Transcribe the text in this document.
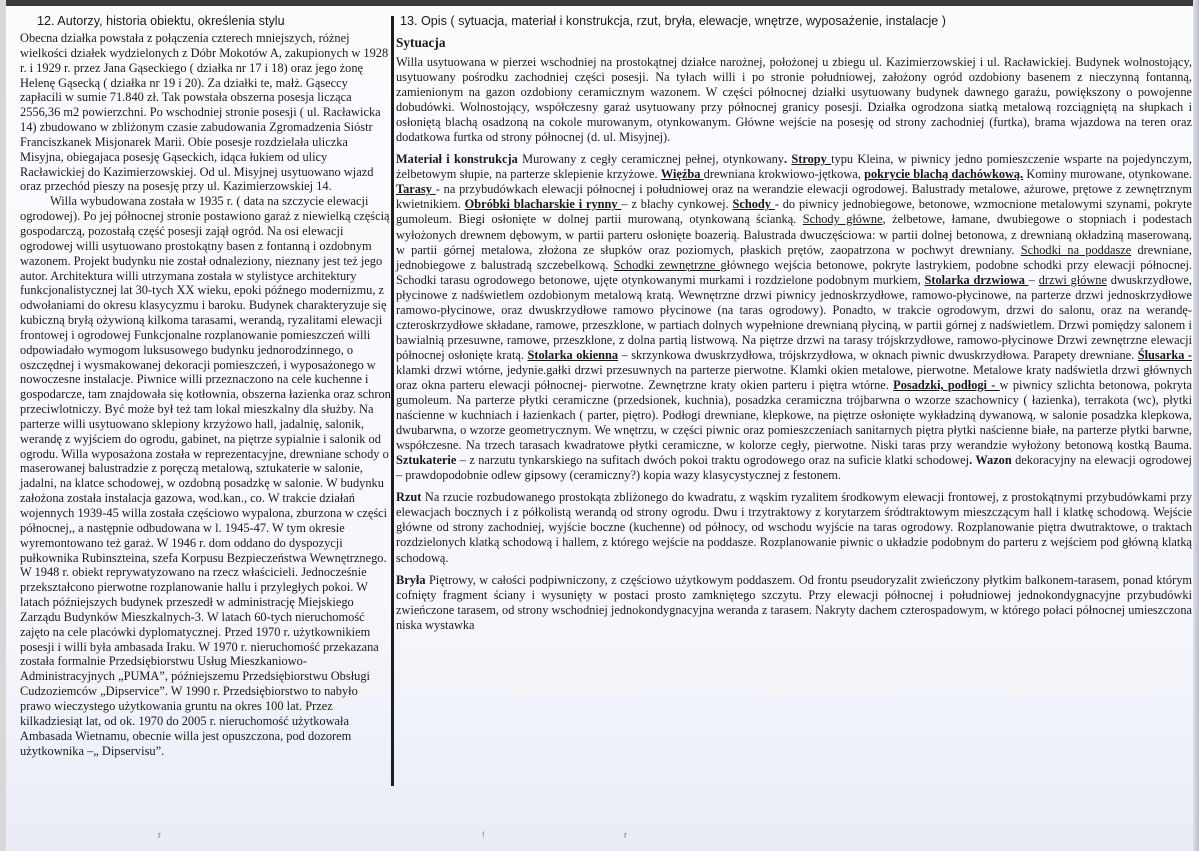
12. Autorzy, historia obiektu, określenia stylu

Obecna działka powstała z połączenia czterech mniejszych, różnej wielkości działek wydzielonych z Dóbr Mokotów A, zakupionych w 1928 r. i 1929 r. przez Jana Gąseckiego ( działka nr 17 i 18) oraz jego żonę Helenę Gąsecką ( działka nr 19 i 20). Za działki te, małż. Gąseccy zapłacili w sumie 71.840 zł. Tak powstała obszerna posesja licząca 2556,36 m2 powierzchni. Po wschodniej stronie posesji ( ul. Racławicka 14) zbudowano w zbliżonym czasie zabudowania Zgromadzenia Sióstr Franciszkanek Misjonarek Marii. Obie posesje rozdzielała uliczka Misyjna, obiegajaca posesję Gąseckich, idąca łukiem od ulicy Racławickiej do Kazimierzowskiej. Od ul. Misyjnej usytuowano wjazd oraz przechód pieszy na posesję przy ul. Kazimierzowskiej 14.

Willa wybudowana została w 1935 r. ( data na szczycie elewacji ogrodowej). Po jej północnej stronie postawiono garaż z niewielką częścią gospodarczą, pozostałą część posesji zajął ogród. Na osi elewacji ogrodowej willi usytuowano prostokątny basen z fontanną i ozdobnym wazonem. Projekt budynku nie został odnaleziony, nieznany jest też jego autor. Architektura willi utrzymana została w stylistyce architektury funkcjonalistycznej lat 30-tych XX wieku, epoki późnego modernizmu, z odwołaniami do okresu klasycyzmu i baroku. Budynek charakteryzuje się kubiczną bryłą ożywioną kilkoma tarasami, werandą, ryzalitami elewacji frontowej i ogrodowej Funkcjonalne rozplanowanie pomieszczeń willi odpowiadało wymogom luksusowego budynku jednorodzinnego, o oszczędnej i wysmakowanej dekoracji pomieszczeń, i wyposażonego w nowoczesne instalacje. Piwnice willi przeznaczono na cele kuchenne i gospodarcze, tam znajdowała się kotłownia, obszerna łazienka oraz schron przeciwlotniczy. Być może był też tam lokal mieszkalny dla służby. Na parterze willi usytuowano sklepiony krzyżowo hall, jadalnię, salonik, werandę z wyjściem do ogrodu, gabinet, na piętrze sypialnie i salonik od ogrodu. Willa wyposażona została w reprezentacyjne, drewniane schody o maserowanej balustradzie z poręczą metalową, sztukaterie w salonie, jadalni, na klatce schodowej, w ozdobną posadzkę w salonie. W budynku założona została instalacja gazowa, wod.kan., co. W trakcie działań wojennych 1939-45 willa została częściowo wypalona, zburzona w części północnej,, a następnie odbudowana w l. 1945-47. W tym okresie wyremontowano też garaż. W 1946 r. dom oddano do dyspozycji pułkownika Rubinszteina, szefa Korpusu Bezpieczeństwa Wewnętrznego. W 1948 r. obiekt reprywatyzowano na rzecz właścicieli. Jednocześnie przekształcono pierwotne rozplanowanie hallu i przyległych pokoi. W latach późniejszych budynek przeszedł w administrację Miejskiego Zarządu Budynków Mieszkalnych-3. W latach 60-tych nieruchomość zajęto na cele placówki dyplomatycznej. Przed 1970 r. użytkownikiem posesji i willi była ambasada Iraku. W 1970 r. nieruchomość przekazana została formalnie Przedsiębiorstwu Usług Mieszkaniowo-Administracyjnych „PUMA”, późniejszemu Przedsiębiorstwu Obsługi Cudzoziemców „Dipservice”. W 1990 r. Przedsiębiorstwo to nabyło prawo wieczystego użytkowania gruntu na okres 100 lat. Przez kilkadziesiąt lat, od ok. 1970 do 2005 r. nieruchomość użytkowała Ambasada Wietnamu, obecnie willa jest opuszczona, pod dozorem użytkownika –„ Dipservisu”.

13. Opis ( sytuacja, materiał i konstrukcja, rzut, bryła, elewacje, wnętrze, wyposażenie, instalacje )
Sytuacja

Willa usytuowana w pierzei wschodniej na prostokątnej działce narożnej, położonej u zbiegu ul. Kazimierzowskiej i ul. Racławickiej. Budynek wolnostojący, usytuowany pośrodku zachodniej części posesji. Na tyłach willi i po stronie południowej, założony ogród ozdobiony basenem z nieczynną fontanną, zamienionym na gazon ozdobiony ceramicznym wazonem. W części północnej działki usytuowany budynek dawnego garażu, powiększony o powojenne dobudówki. Wolnostojący, współczesny garaż usytuowany przy północnej granicy posesji. Działka ogrodzona siatką metalową rozciągniętą na słupkach i osłoniętą blachą osadzoną na cokole murowanym, otynkowanym. Główne wejście na posesję od strony zachodniej (furtka), brama wjazdowa na teren oraz dodatkowa furtka od strony północnej (d. ul. Misyjnej).

Materiał i konstrukcja Murowany z cegły ceramicznej pełnej, otynkowany. Stropy typu Kleina, w piwnicy jedno pomieszczenie wsparte na pojedynczym, żelbetowym słupie, na parterze sklepienie krzyżowe. Więźba drewniana krokwiowo-jętkowa, pokrycie blachą dachówkową. Kominy murowane, otynkowane. Tarasy - na przybudówkach elewacji północnej i południowej oraz na werandzie elewacji ogrodowej. Balustrady metalowe, ażurowe, prętowe z zewnętrznym kwietnikiem. Obróbki blacharskie i rynny – z blachy cynkowej. Schody - do piwnicy jednobiegowe, betonowe, wzmocnione metalowymi szynami, pokryte gumoleum. Biegi osłonięte w dolnej partii murowaną, otynkowaną ścianką. Schody główne, żelbetowe, łamane, dwubiegowe o stopniach i podestach wyłożonych drewnem dębowym, w partii parteru osłonięte boazerią. Balustrada dwuczęściowa: w partii dolnej betonowa, z drewnianą okładziną maserowaną, w partii górnej metalowa, złożona ze słupków oraz poziomych, płaskich prętów, zaopatrzona w pochwyt drewniany. Schodki na poddasze drewniane, jednobiegowe z balustradą szczebelkową. Schodki zewnętrzne głównego wejścia betonowe, pokryte lastrykiem, podobne schodki przy elewacji północnej. Schodki tarasu ogrodowego betonowe, ujęte otynkowanymi murkami i rozdzielone podobnym murkiem, Stolarka drzwiowa – drzwi główne dwuskrzydłowe, płycinowe z nadświetlem ozdobionym metalową kratą. Wewnętrzne drzwi piwnicy jednoskrzydłowe, ramowo-płycinowe, na parterze drzwi jednoskrzydłowe ramowo-płycinowe, oraz dwuskrzydłowe ramowo płycinowe (na taras ogrodowy). Ponadto, w trakcie ogrodowym, drzwi do salonu, oraz na werandę-czteroskrzydłowe składane, ramowe, przeszklone, w partiach dolnych wypełnione drewnianą płyciną, w partii górnej z nadświetlem. Drzwi pomiędzy salonem i bawialnią przesuwne, ramowe, przeszklone, z dolna partią listwową. Na piętrze drzwi na tarasy trójskrzydłowe, ramowo-płycinowe Drzwi zewnętrzne elewacji północnej osłonięte kratą. Stolarka okienna – skrzynkowa dwuskrzydłowa, trójskrzydłowa, w oknach piwnic dwuskrzydłowa. Parapety drewniane. Ślusarka - klamki drzwi wtórne, jedynie.gałki drzwi przesuwnych na parterze pierwotne. Klamki okien metalowe, pierwotne. Metalowe kraty nadświetla drzwi głównych oraz okna parteru elewacji północnej- pierwotne. Zewnętrzne kraty okien parteru i piętra wtórne. Posadzki, podłogi - w piwnicy szlichta betonowa, pokryta gumoleum. Na parterze płytki ceramiczne (przedsionek, kuchnia), posadzka ceramiczna trójbarwna o wzorze szachownicy ( łazienka), terrakota (wc), płytki naścienne w kuchniach i łazienkach ( parter, piętro). Podłogi drewniane, klepkowe, na piętrze osłonięte wykładziną dywanową, w salonie posadzka klepkowa, dwubarwna, o wzorze geometrycznym. We wnętrzu, w części piwnic oraz pomieszczeniach sanitarnych piętra płytki naścienne białe, na parterze płytki barwne, współczesne. Na trzech tarasach kwadratowe płytki ceramiczne, w kolorze cegły, pierwotne. Niski taras przy werandzie wyłożony betonową kostką Bauma. Sztukaterie – z narzutu tynkarskiego na sufitach dwóch pokoi traktu ogrodowego oraz na suficie klatki schodowej. Wazon dekoracyjny na elewacji ogrodowej – prawdopodobnie odlew gipsowy (ceramiczny?) kopia wazy klasycystycznej z festonem.

Rzut Na rzucie rozbudowanego prostokąta zbliżonego do kwadratu, z wąskim ryzalitem środkowym elewacji frontowej, z prostokątnymi przybudówkami przy elewacjach bocznych i z półkolistą werandą od strony ogrodu. Dwu i trzytraktowy z korytarzem śródtraktowym mieszczącym hall i klatkę schodową. Wejście główne od strony zachodniej, wyjście boczne (kuchenne) od północy, od wschodu wyjście na taras ogrodowy. Rozplanowanie piętra dwutraktowe, o traktach rozdzielonych klatką schodową i hallem, z którego wejście na poddasze. Rozplanowanie piwnic o układzie podobnym do parteru z wejściem pod główną klatką schodową.

Bryła Piętrowy, w całości podpiwniczony, z częściowo użytkowym poddaszem. Od frontu pseudoryzalit zwieńczony płytkim balkonem-tarasem, ponad którym cofnięty fragment ściany i wysunięty w postaci prosto zamkniętego szczytu. Przy elewacji północnej i południowej jednokondygnacyjne przybudówki zwieńczone tarasem, od strony wschodniej jednokondygnacyjna weranda z tarasem. Nakryty dachem czterospadowym, w którego połaci północnej umieszczona niska wystawka

r	!	r
